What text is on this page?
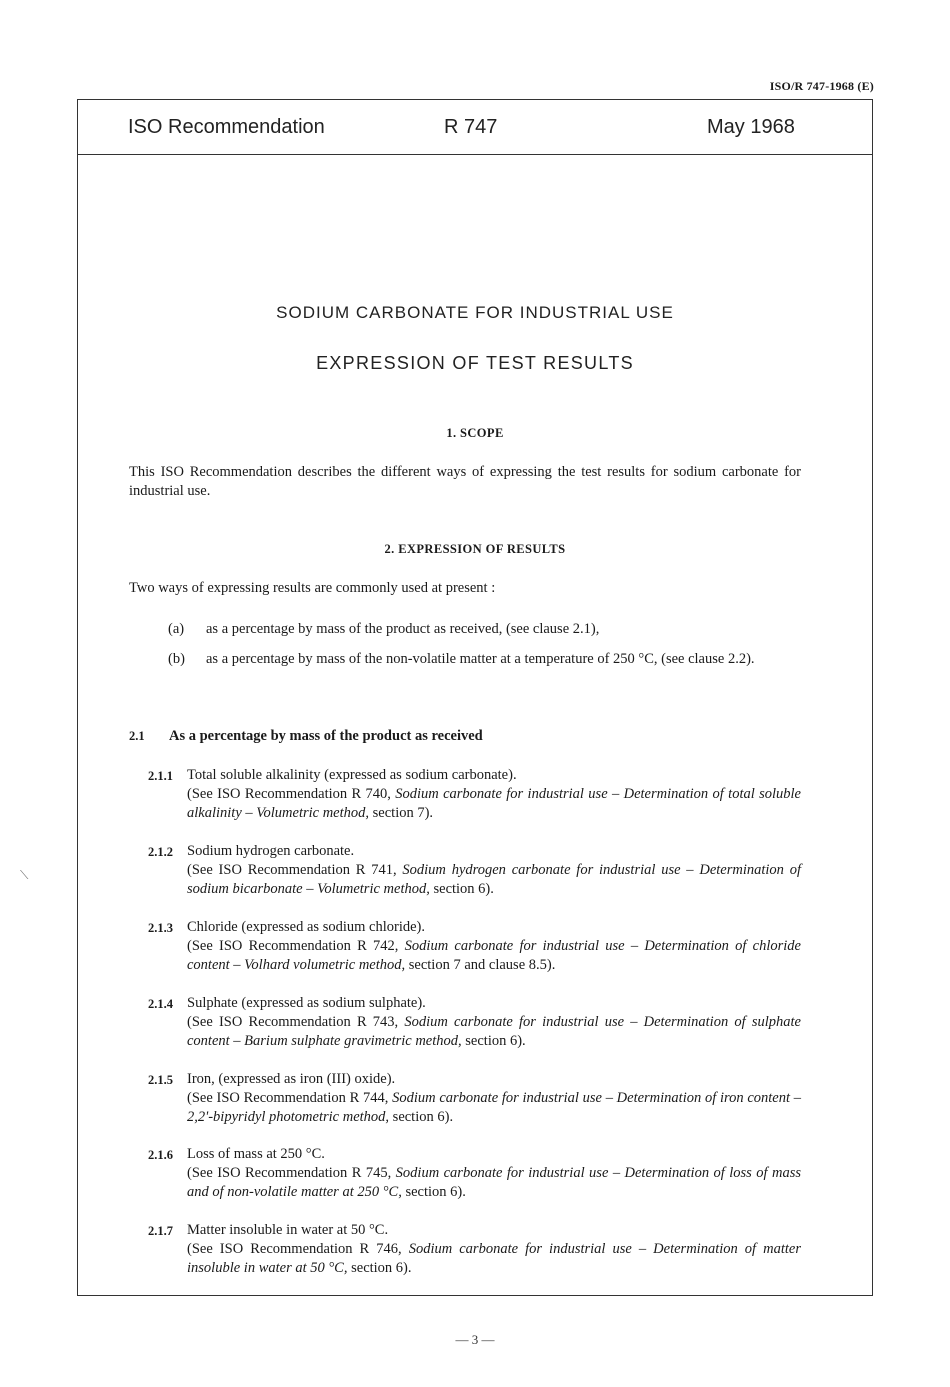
ISO/R 747-1968 (E)
ISO Recommendation	R 747	May 1968
SODIUM CARBONATE FOR INDUSTRIAL USE
EXPRESSION OF TEST RESULTS
1. SCOPE
This ISO Recommendation describes the different ways of expressing the test results for sodium carbonate for industrial use.
2. EXPRESSION OF RESULTS
Two ways of expressing results are commonly used at present :
(a) as a percentage by mass of the product as received, (see clause 2.1),
(b) as a percentage by mass of the non-volatile matter at a temperature of 250 °C, (see clause 2.2).
2.1 As a percentage by mass of the product as received
2.1.1 Total soluble alkalinity (expressed as sodium carbonate).
(See ISO Recommendation R 740, Sodium carbonate for industrial use – Determination of total soluble alkalinity – Volumetric method, section 7).
2.1.2 Sodium hydrogen carbonate.
(See ISO Recommendation R 741, Sodium hydrogen carbonate for industrial use – Determination of sodium bicarbonate – Volumetric method, section 6).
2.1.3 Chloride (expressed as sodium chloride).
(See ISO Recommendation R 742, Sodium carbonate for industrial use – Determination of chloride content – Volhard volumetric method, section 7 and clause 8.5).
2.1.4 Sulphate (expressed as sodium sulphate).
(See ISO Recommendation R 743, Sodium carbonate for industrial use – Determination of sulphate content – Barium sulphate gravimetric method, section 6).
2.1.5 Iron, (expressed as iron (III) oxide).
(See ISO Recommendation R 744, Sodium carbonate for industrial use – Determination of iron content – 2,2'-bipyridyl photometric method, section 6).
2.1.6 Loss of mass at 250 °C.
(See ISO Recommendation R 745, Sodium carbonate for industrial use – Determination of loss of mass and of non-volatile matter at 250 °C, section 6).
2.1.7 Matter insoluble in water at 50 °C.
(See ISO Recommendation R 746, Sodium carbonate for industrial use – Determination of matter insoluble in water at 50 °C, section 6).
— 3 —
⟍
